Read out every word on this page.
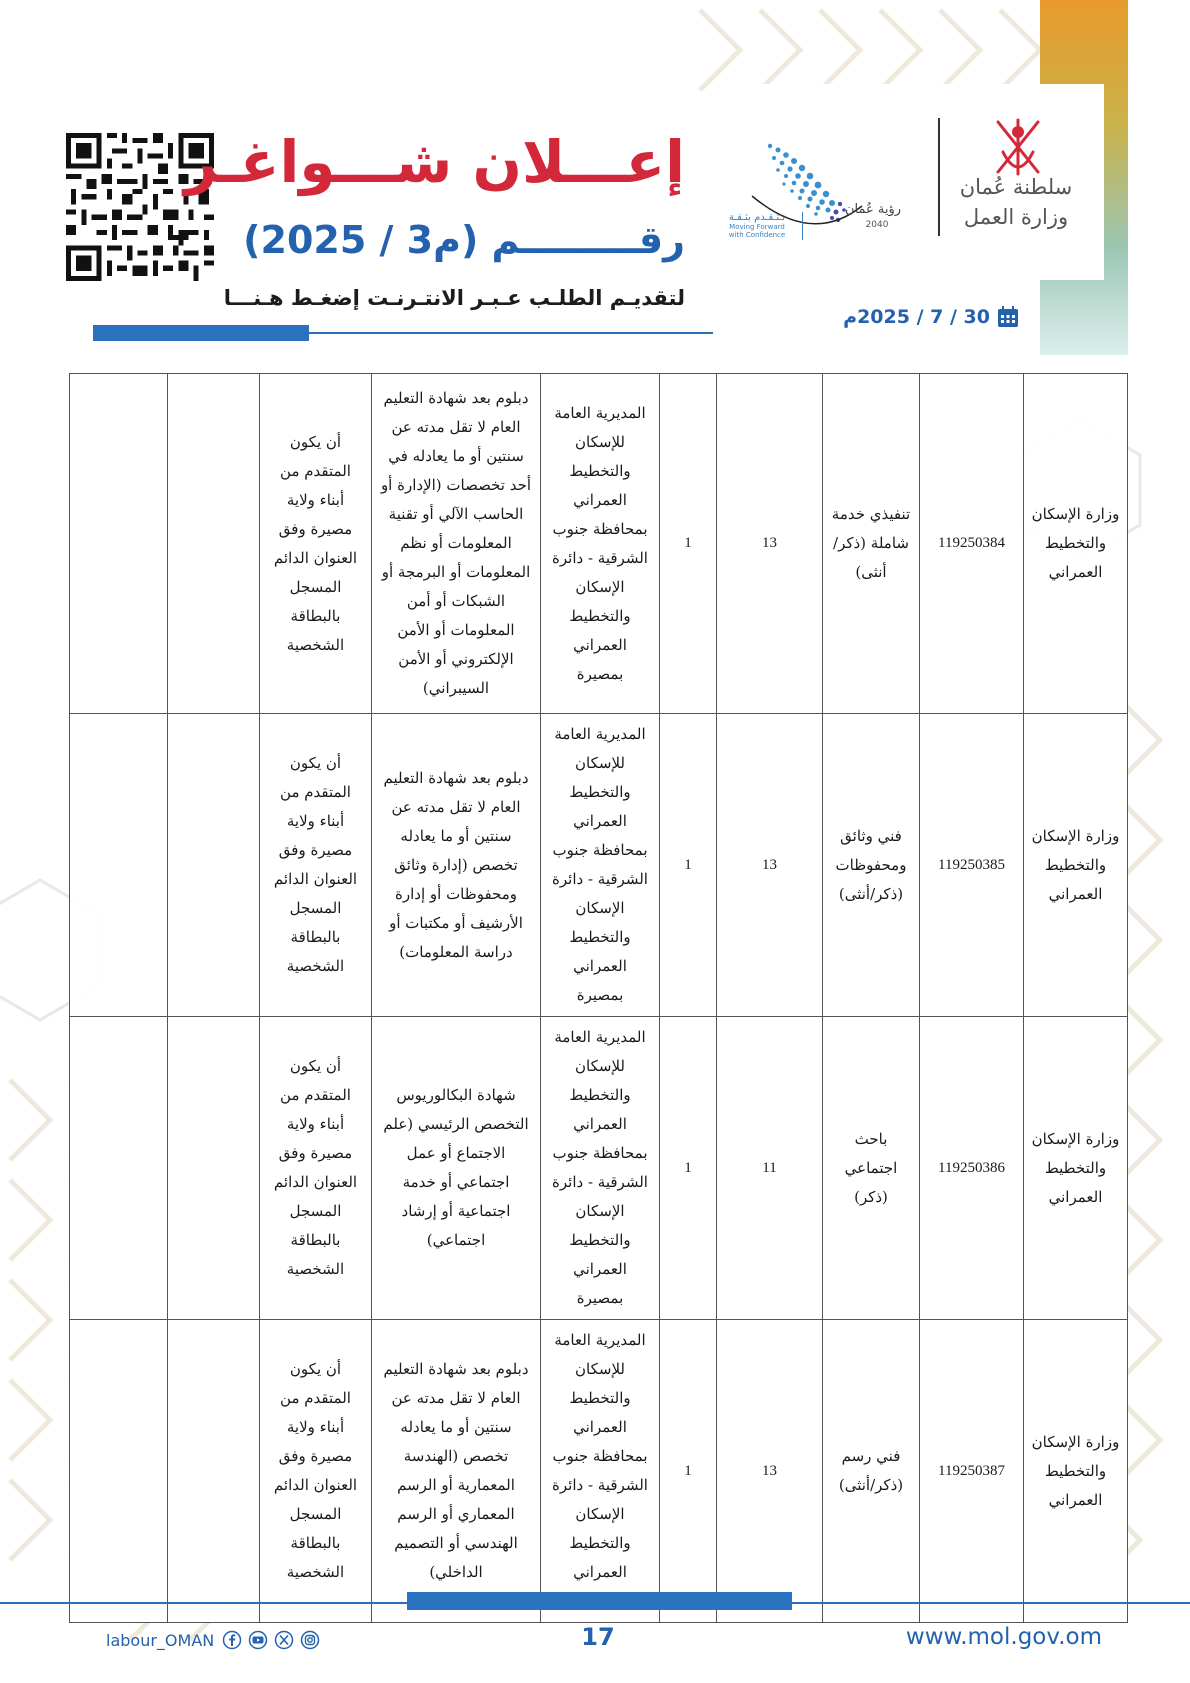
إعـــلان شـــواغـر
رقـــــــــم (م3 / 2025)
لتقديـم الطلـب عـبـر الانتـرنـت إضغـط هـنـــا
30 / 7 / 2025م
سلطنة عُمان
وزارة العمل
رؤية عُمان
2040
نـتـقـدم بثـقـة
Moving Forward
with Confidence
وزارة الإسكان والتخطيط العمراني	119250384	تنفيذي خدمة شاملة (ذكر/أنثى)	13	1	المديرية العامة للإسكان والتخطيط العمراني بمحافظة جنوب الشرقية - دائرة الإسكان والتخطيط العمراني بمصيرة	دبلوم بعد شهادة التعليم العام لا تقل مدته عن سنتين أو ما يعادله في أحد تخصصات (الإدارة أو الحاسب الآلي أو تقنية المعلومات أو نظم المعلومات أو البرمجة أو الشبكات أو أمن المعلومات أو الأمن الإلكتروني أو الأمن السيبراني)	أن يكون المتقدم من أبناء ولاية مصيرة وفق العنوان الدائم المسجل بالبطاقة الشخصية		
وزارة الإسكان والتخطيط العمراني	119250385	فني وثائق ومحفوظات (ذكر/أنثى)	13	1	المديرية العامة للإسكان والتخطيط العمراني بمحافظة جنوب الشرقية - دائرة الإسكان والتخطيط العمراني بمصيرة	دبلوم بعد شهادة التعليم العام لا تقل مدته عن سنتين أو ما يعادله تخصص (إدارة وثائق ومحفوظات أو إدارة الأرشيف أو مكتبات أو دراسة المعلومات)	أن يكون المتقدم من أبناء ولاية مصيرة وفق العنوان الدائم المسجل بالبطاقة الشخصية		
وزارة الإسكان والتخطيط العمراني	119250386	باحث اجتماعي (ذكر)	11	1	المديرية العامة للإسكان والتخطيط العمراني بمحافظة جنوب الشرقية - دائرة الإسكان والتخطيط العمراني بمصيرة	شهادة البكالوريوس التخصص الرئيسي (علم الاجتماع أو عمل اجتماعي أو خدمة اجتماعية أو إرشاد اجتماعي)	أن يكون المتقدم من أبناء ولاية مصيرة وفق العنوان الدائم المسجل بالبطاقة الشخصية		
وزارة الإسكان والتخطيط العمراني	119250387	فني رسم (ذكر/أنثى)	13	1	المديرية العامة للإسكان والتخطيط العمراني بمحافظة جنوب الشرقية - دائرة الإسكان والتخطيط العمراني	دبلوم بعد شهادة التعليم العام لا تقل مدته عن سنتين أو ما يعادله تخصص (الهندسة المعمارية أو الرسم المعماري أو الرسم الهندسي أو التصميم الداخلي)	أن يكون المتقدم من أبناء ولاية مصيرة وفق العنوان الدائم المسجل بالبطاقة الشخصية		
17	www.mol.gov.om
labour_OMAN
